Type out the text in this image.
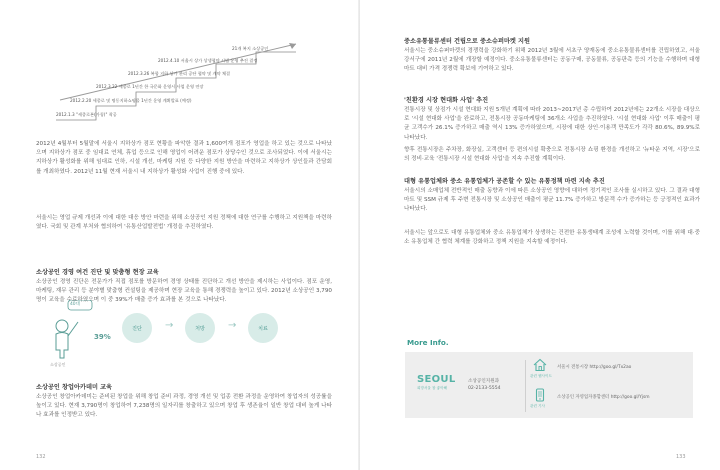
2012.1.3 "세종로본(가칭)" 착공
2012.2.20 세종로 및 명동지하쇼핑몰 1년간 운영 계획발표 (예정)
2012.3.22 세종로 1년간 한 국문화 운영시 사업 운영 연장
2012.3.26 복합 지하 상가 관리 공단 협약 및 계약 체결
2012.4.10 서울시 상가 상생협약 시범 운영 추진 결정
21개 복지 소상공인

2012년 4월부터 5월말에 서울시 지하상가 점포 현황을 파악한 결과 1,600여개 점포가 영업을 하고 있는 것으로 나타났으며 지하상가 점포 중 임대료 연체, 휴업 등으로 인해 영업이 어려운 점포가 상당수인 것으로 조사되었다. 이에 서울시는 지하상가 활성화를 위해 임대료 인하, 시설 개선, 마케팅 지원 등 다양한 지원 방안을 마련하고 지하상가 상인들과 간담회를 개최하였다. 2012년 11월 현재 서울시 내 지하상가 활성화 사업이 진행 중에 있다.

서울시는 영업 규제 개선과 이에 대한 대응 방안 마련을 위해 소상공인 지원 정책에 대한 연구를 수행하고 지원책을 마련하였다. 국회 및 관계 부처와 협의하여 '유통산업발전법' 개정을 추진하였다.

소상공인 경영 여건 진단 및 맞춤형 현장 교육

소상공인 경영 진단은 전문가가 직접 점포를 방문하여 경영 상태를 진단하고 개선 방안을 제시하는 사업이다. 점포 운영, 마케팅, 재무 관리 등 분야별 맞춤형 컨설팅을 제공하며 현장 교육을 통해 경쟁력을 높이고 있다. 2012년 소상공인 3,790명이 교육을 수료하였으며 이 중 39%가 매출 증가 효과를 본 것으로 나타났다.

40대
소상공인
39%
진단 →	처방 →	치료
소상공인 창업아카데미 교육

소상공인 창업아카데미는 준비된 창업을 위해 창업 준비 과정, 경영 개선 및 업종 전환 과정을 운영하여 창업자의 성공률을 높이고 있다. 현재 3,790명이 창업하여 7,238명의 일자리를 창출하고 있으며 창업 후 생존율이 일반 창업 대비 높게 나타나 효과를 인정받고 있다.

132
중소유통물류센터 건립으로 중소슈퍼마켓 지원

서울시는 중소슈퍼마켓의 경쟁력을 강화하기 위해 2012년 3월에 서초구 양재동에 중소유통물류센터를 건립하였고, 서울 강서구에 2011년 2월에 개장할 예정이다. 중소유통물류센터는 공동구매, 공동물류, 공동판촉 등의 기능을 수행하며 대형마트 대비 가격 경쟁력 확보에 기여하고 있다.

'친환경 시장 현대화 사업' 추진

전통시장 및 상점가 시설 현대화 지원 5개년 계획에 따라 2013~2017년 총 수립하여 2012년에는 22개소 시장을 대상으로 '시설 현대화 사업'을 완료하고, 전통시장 공동마케팅에 36개소 사업을 추진하였다. '시설 현대화 사업' 이후 매출이 평균 고객수가 26.1% 증가하고 매출 역시 13% 증가하였으며, 시장에 대한 상인·이용객 만족도가 각각 80.6%, 89.9%로 나타났다.

향후 전통시장은 주차장, 화장실, 고객센터 등 편의시설 확충으로 전통시장 쇼핑 환경을 개선하고 '뉴타운 지역, 시장'으로의 정비·교육 '전통시장 시설 현대화 사업'을 지속 추진할 계획이다.

대형 유통업체와 중소 유통업체가 공존할 수 있는 유통정책 마련 지속 추진

서울시의 소매업체 전반적인 매출 동향과 이에 따른 소상공인 영향에 대하여 정기적인 조사를 실시하고 있다. 그 결과 대형마트 및 SSM 규제 후 주변 전통시장 및 소상공인 매출이 평균 11.7% 증가하고 방문객 수가 증가하는 등 긍정적인 효과가 나타났다.

서울시는 앞으로도 대형 유통업체와 중소 유통업체가 상생하는 건전한 유통생태계 조성에 노력할 것이며, 이를 위해 대·중소 유통업체 간 협력 체계를 강화하고 정책 지원을 지속할 예정이다.

More Info.
SEOUL
희망서울 참 좋아해
소상공인지원과
02-2133-5554
관련 웹사이트
서울시 전통시장 http://goo.gl/Tx2ao
관련 기사
소상공인 자영업자종합센터 http://goo.gl/Yjsm
133
